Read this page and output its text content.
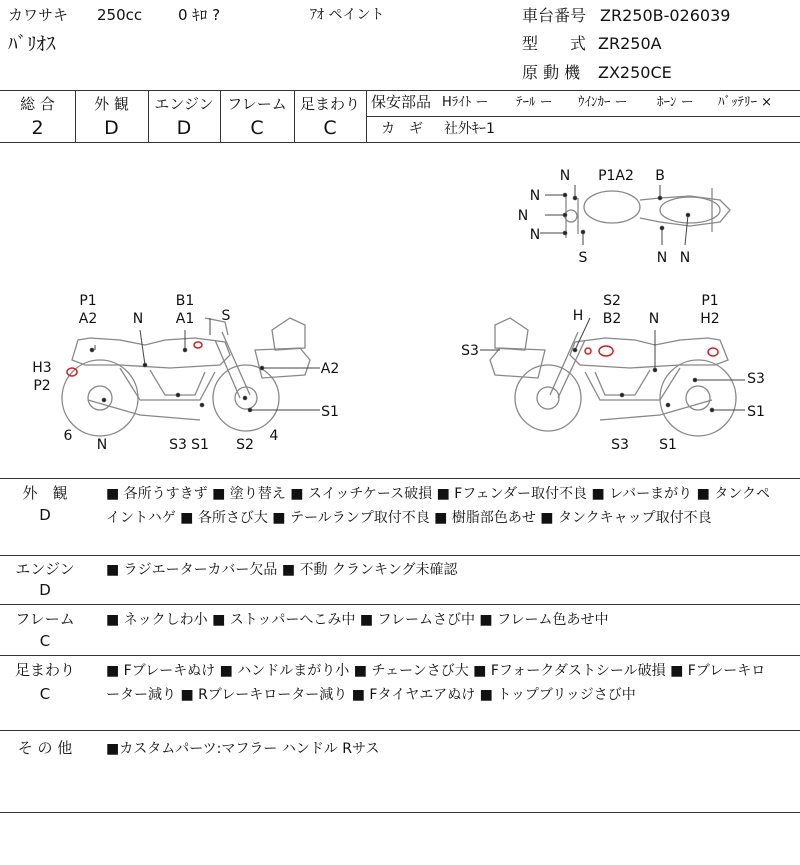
カワサキ 250cc 0 ｷﾛ ?	ｱｵ ペイント
ﾊﾞﾘｵｽ
車台番号 ZR250B-026039
型　　式 ZR250A
原 動 機 ZX250CE
総 合	外 観	エンジン フレーム 足まわり
2	D	D	C	C
保安部品 Hﾗｲﾄ ー ﾃｰﾙ ー ｳｲﾝｶｰ ー ﾎｰﾝ ー ﾊﾞｯﾃﾘｰ ×
カ　ギ 社外ｷｰ1
N
N
N
N
P1A2 B
S	N N
P1
A2	N
B1
A1 S
H3
P2
A2
S1
6
N	S3 S1 S2
4
S2
B2
H
P1
H2
N
S3
S3
S1
S3 S1
外　観
D
■ 各所うすきず ■ 塗り替え ■ スイッチケース破損 ■ Fフェンダー取付不良 ■ レバーまがり ■ タンクペイントハゲ ■ 各所さび大 ■ テールランプ取付不良 ■ 樹脂部色あせ ■ タンクキャップ取付不良
エンジン
D
■ ラジエーターカバー欠品 ■ 不動 クランキング未確認
フレーム
C
■ ネックしわ小 ■ ストッパーへこみ中 ■ フレームさび中 ■ フレーム色あせ中
足まわり
C
■ Fブレーキぬけ ■ ハンドルまがり小 ■ チェーンさび大 ■ Fフォークダストシール破損 ■ Fブレーキローター減り ■ Rブレーキローター減り ■ Fタイヤエアぬけ ■ トップブリッジさび中
そ の 他	■カスタムパーツ:マフラー ハンドル Rサス
